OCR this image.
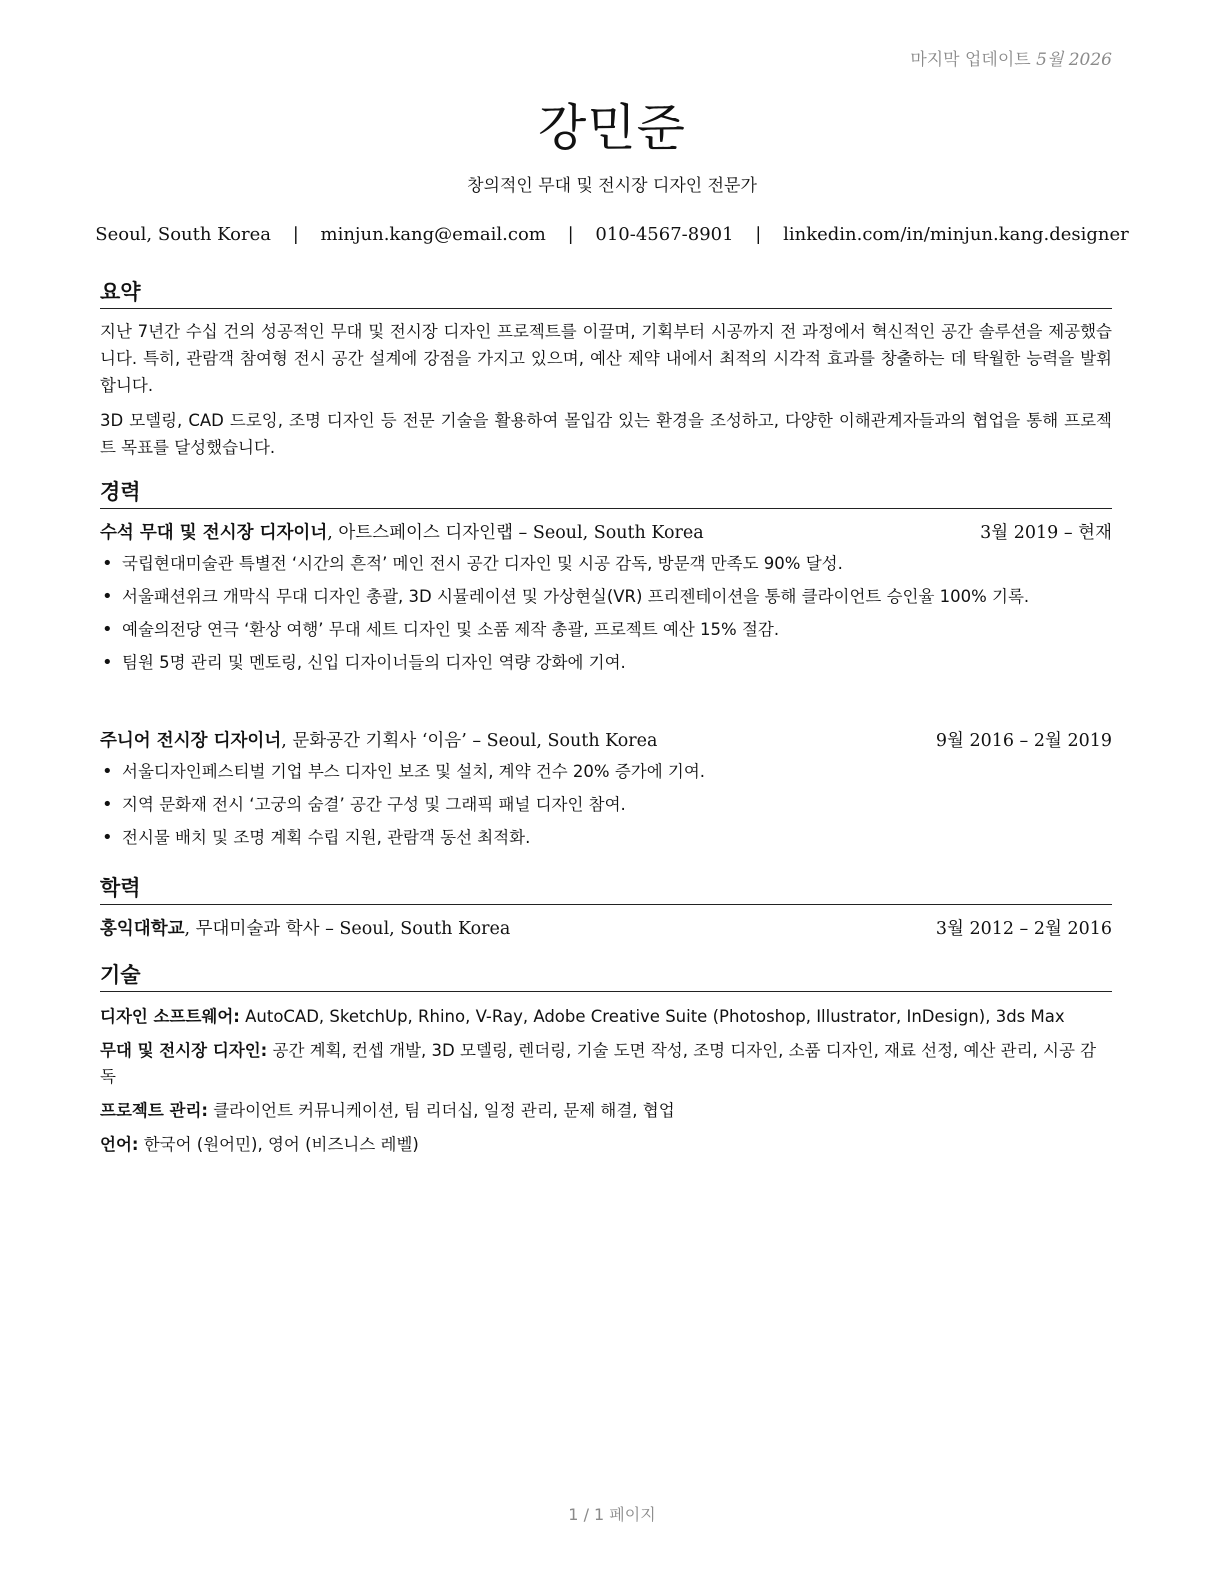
마지막 업데이트 5월 2026
강민준
창의적인 무대 및 전시장 디자인 전문가
Seoul, South Korea | minjun.kang@email.com | 010-4567-8901 | linkedin.com/in/minjun.kang.designer
요약

지난 7년간 수십 건의 성공적인 무대 및 전시장 디자인 프로젝트를 이끌며, 기획부터 시공까지 전 과정에서 혁신적인 공간 솔루션을 제공했습니다. 특히, 관람객 참여형 전시 공간 설계에 강점을 가지고 있으며, 예산 제약 내에서 최적의 시각적 효과를 창출하는 데 탁월한 능력을 발휘합니다.

3D 모델링, CAD 드로잉, 조명 디자인 등 전문 기술을 활용하여 몰입감 있는 환경을 조성하고, 다양한 이해관계자들과의 협업을 통해 프로젝트 목표를 달성했습니다.

경력
수석 무대 및 전시장 디자이너, 아트스페이스 디자인랩 – Seoul, South Korea	3월 2019 – 현재
• 국립현대미술관 특별전 ‘시간의 흔적’ 메인 전시 공간 디자인 및 시공 감독, 방문객 만족도 90% 달성.
• 서울패션위크 개막식 무대 디자인 총괄, 3D 시뮬레이션 및 가상현실(VR) 프리젠테이션을 통해 클라이언트 승인율 100% 기록.
• 예술의전당 연극 ‘환상 여행’ 무대 세트 디자인 및 소품 제작 총괄, 프로젝트 예산 15% 절감.
• 팀원 5명 관리 및 멘토링, 신입 디자이너들의 디자인 역량 강화에 기여.
주니어 전시장 디자이너, 문화공간 기획사 ‘이음’ – Seoul, South Korea	9월 2016 – 2월 2019
• 서울디자인페스티벌 기업 부스 디자인 보조 및 설치, 계약 건수 20% 증가에 기여.
• 지역 문화재 전시 ‘고궁의 숨결’ 공간 구성 및 그래픽 패널 디자인 참여.
• 전시물 배치 및 조명 계획 수립 지원, 관람객 동선 최적화.
학력
홍익대학교, 무대미술과 학사 – Seoul, South Korea	3월 2012 – 2월 2016
기술
디자인 소프트웨어: AutoCAD, SketchUp, Rhino, V-Ray, Adobe Creative Suite (Photoshop, Illustrator, InDesign), 3ds Max
무대 및 전시장 디자인: 공간 계획, 컨셉 개발, 3D 모델링, 렌더링, 기술 도면 작성, 조명 디자인, 소품 디자인, 재료 선정, 예산 관리, 시공 감독
프로젝트 관리: 클라이언트 커뮤니케이션, 팀 리더십, 일정 관리, 문제 해결, 협업
언어: 한국어 (원어민), 영어 (비즈니스 레벨)
1 / 1 페이지
